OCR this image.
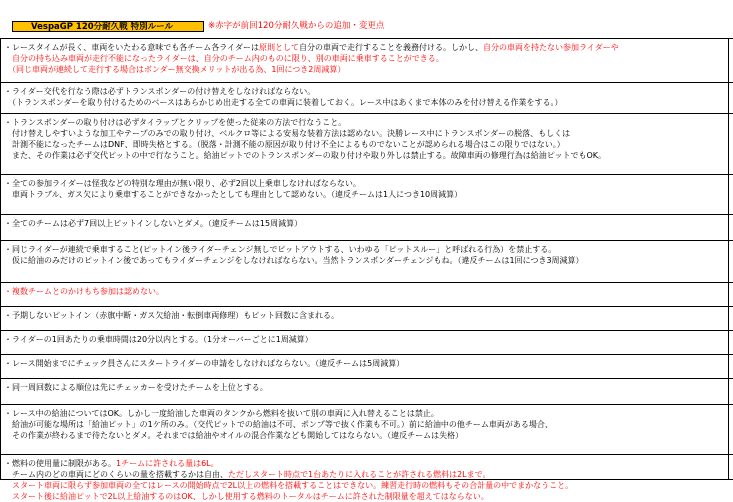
VespaGP 120分耐久戦 特別ルール	※赤字が前回120分耐久戦からの追加・変更点
・レースタイムが長く、車両をいたわる意味でも各チーム各ライダーは原則として自分の車両で走行することを義務付ける。しかし、自分の車両を持たない参加ライダーや
　自分の持ち込み車両が走行不能になったライダーは、自分のチーム内のものに限り、別の車両に乗車することができる。
　（同じ車両が連続して走行する場合はボンダー無交換メリットが出る為、1回につき2周減算）
・ライダー交代を行なう際は必ずトランスポンダーの付け替えをしなければならない。
　（トランスポンダーを取り付けるためのベースはあらかじめ出走する全ての車両に装着しておく。レース中はあくまで本体のみを付け替える作業をする。）
・トランスポンダーの取り付けは必ずタイラップとクリップを使った従来の方法で行なうこと。
　付け替えしやすいような加工やテープのみでの取り付け、ベルクロ等による安易な装着方法は認めない。決勝レース中にトランスポンダーの脱落、もしくは
　計測不能になったチームはDNF、即時失格とする。（脱落・計測不能の原因が取り付け不全によるものでないことが認められる場合はこの限りではない。）
　また、その作業は必ず交代ピットの中で行なうこと。給油ピットでのトランスポンダーの取り付けや取り外しは禁止する。故障車両の修理行為は給油ピットでもOK。
・全ての参加ライダーは怪我などの特別な理由が無い限り、必ず2回以上乗車しなければならない。
　車両トラブル、ガス欠により乗車することができなかったとしても理由として認めない。（違反チームは1人につき10周減算）
・全てのチームは必ず7回以上ピットインしないとダメ。（違反チームは15周減算）
・同じライダーが連続で乗車すること(ピットイン後ライダーチェンジ無しでピットアウトする、いわゆる「ピットスルー」と呼ばれる行為）を禁止する。
　仮に給油のみだけのピットイン後であってもライダーチェンジをしなければならない。当然トランスポンダーチェンジもね。（違反チームは1回につき3周減算）
・複数チームとのかけもち参加は認めない。
・予期しないピットイン（赤旗中断・ガス欠給油・転倒車両修理）もピット回数に含まれる。
・ライダーの1回あたりの乗車時間は20分以内とする。（1分オーバーごとに1周減算）
・レース開始までにチェック員さんにスタートライダーの申請をしなければならない。（違反チームは5周減算）
・同一周回数による順位は先にチェッカーを受けたチームを上位とする。
・レース中の給油についてはOK。しかし一度給油した車両のタンクから燃料を抜いて別の車両に入れ替えることは禁止。
　給油が可能な場所は「給油ピット」の1ケ所のみ。（交代ピットでの給油は不可、ポンプ等で抜く作業も不可。）前に給油中の他チーム車両がある場合、
　その作業が終わるまで待たないとダメ。それまでは給油やオイルの混合作業なども開始してはならない。（違反チームは失格）
・燃料の使用量に制限がある。1チームに許される量は6L。
　チーム内のどの車両にどのくらいの量を搭載するかは自由、ただしスタート時点で1台あたりに入れることが許される燃料は2Lまで。
　スタート車両に限らず参加車両の全てはレースの開始時点で2L以上の燃料を搭載することはできない。練習走行時の燃料もその合計量の中でまかなうこと。
　スタート後に給油ピットで2L以上給油するのはOK、しかし使用する燃料のトータルはチームに許された制限量を超えてはならない。
